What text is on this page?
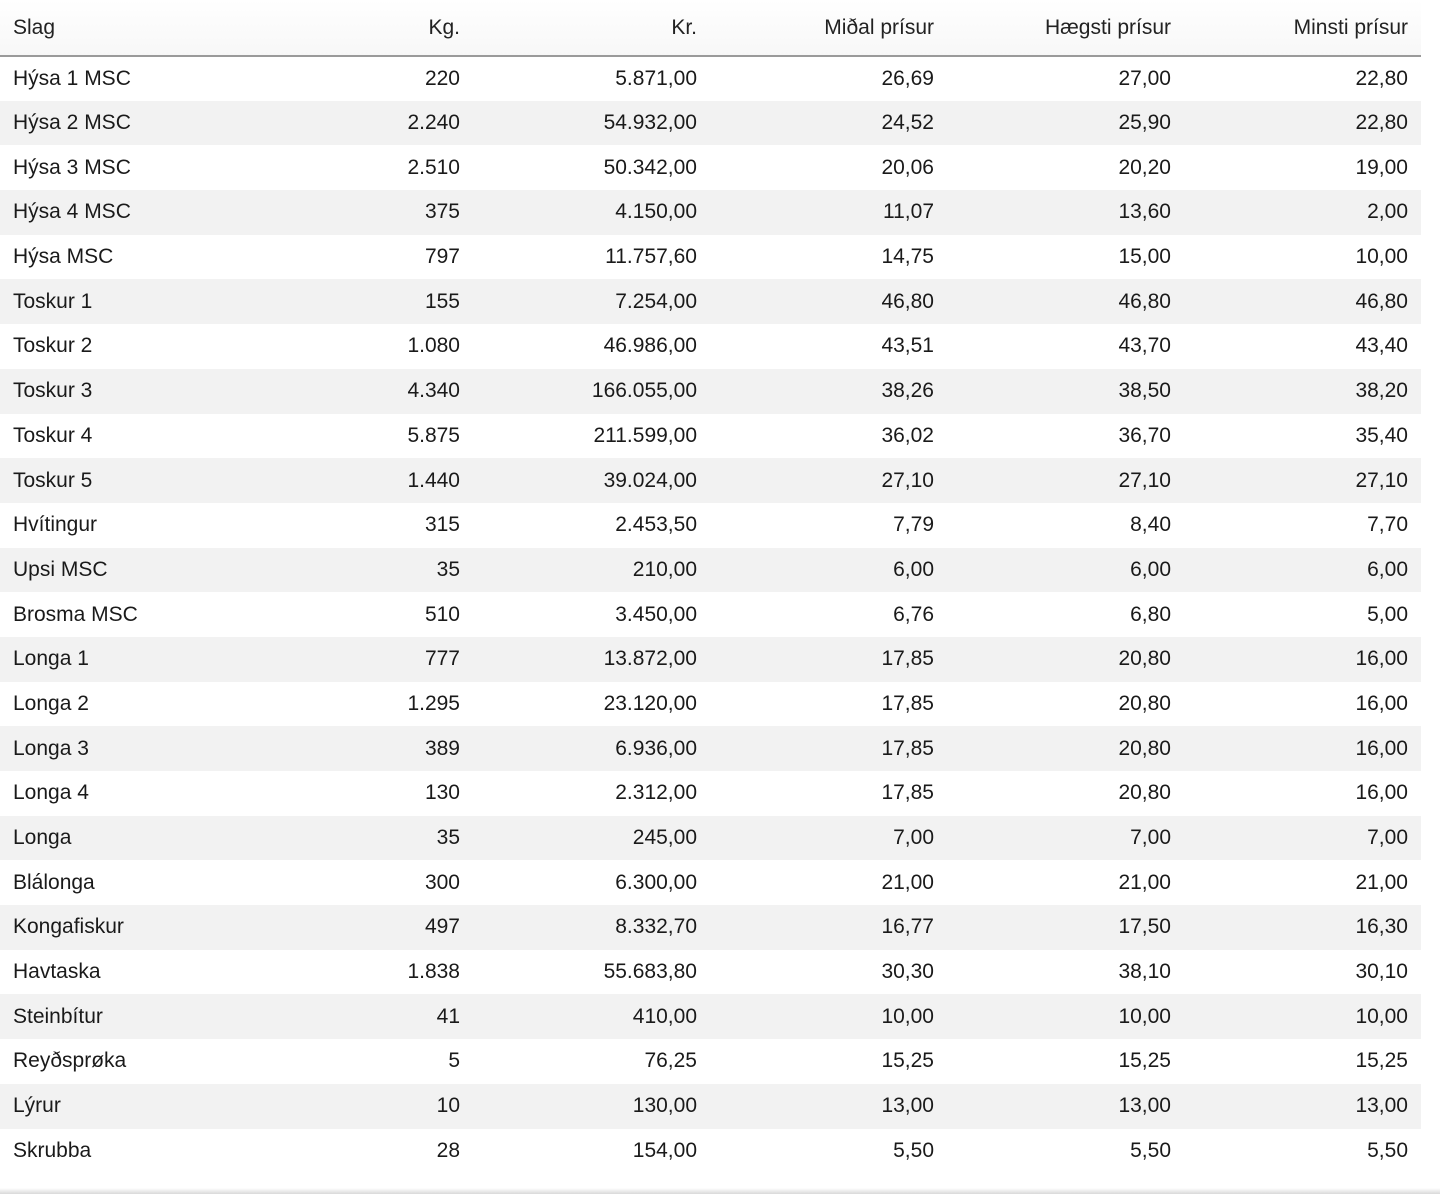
Slag	Kg.	Kr.	Miðal prísur	Hægsti prísur	Minsti prísur
Hýsa 1 MSC	220	5.871,00	26,69	27,00	22,80
Hýsa 2 MSC	2.240	54.932,00	24,52	25,90	22,80
Hýsa 3 MSC	2.510	50.342,00	20,06	20,20	19,00
Hýsa 4 MSC	375	4.150,00	11,07	13,60	2,00
Hýsa MSC	797	11.757,60	14,75	15,00	10,00
Toskur 1	155	7.254,00	46,80	46,80	46,80
Toskur 2	1.080	46.986,00	43,51	43,70	43,40
Toskur 3	4.340	166.055,00	38,26	38,50	38,20
Toskur 4	5.875	211.599,00	36,02	36,70	35,40
Toskur 5	1.440	39.024,00	27,10	27,10	27,10
Hvítingur	315	2.453,50	7,79	8,40	7,70
Upsi MSC	35	210,00	6,00	6,00	6,00
Brosma MSC	510	3.450,00	6,76	6,80	5,00
Longa 1	777	13.872,00	17,85	20,80	16,00
Longa 2	1.295	23.120,00	17,85	20,80	16,00
Longa 3	389	6.936,00	17,85	20,80	16,00
Longa 4	130	2.312,00	17,85	20,80	16,00
Longa	35	245,00	7,00	7,00	7,00
Blálonga	300	6.300,00	21,00	21,00	21,00
Kongafiskur	497	8.332,70	16,77	17,50	16,30
Havtaska	1.838	55.683,80	30,30	38,10	30,10
Steinbítur	41	410,00	10,00	10,00	10,00
Reyðsprøka	5	76,25	15,25	15,25	15,25
Lýrur	10	130,00	13,00	13,00	13,00
Skrubba	28	154,00	5,50	5,50	5,50
